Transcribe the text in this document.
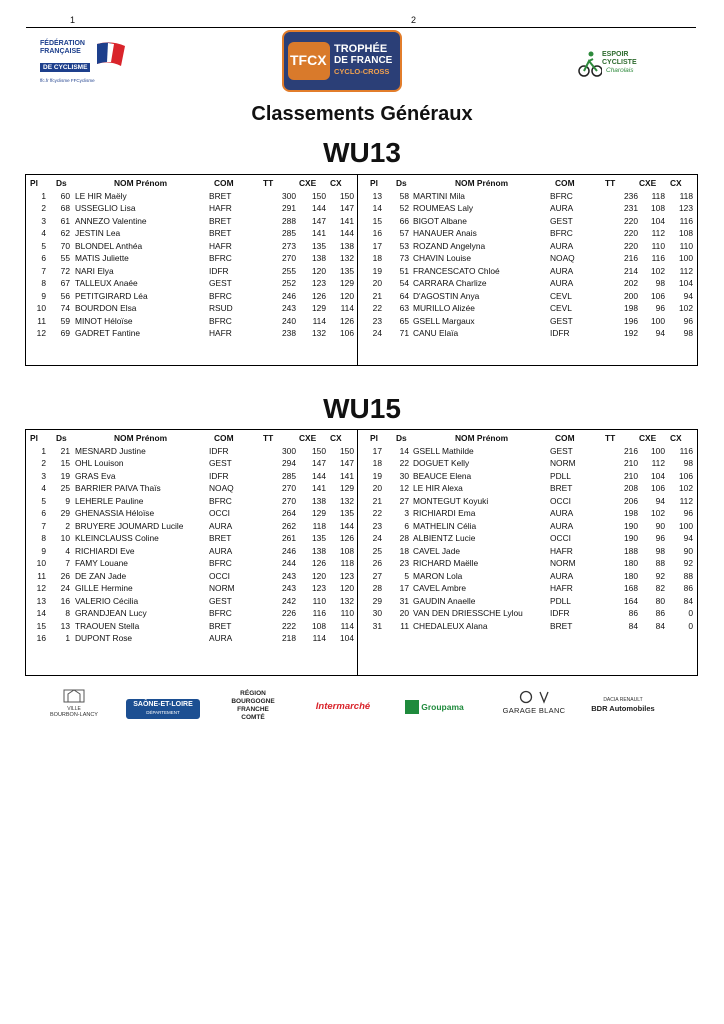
1	2
FÉDÉRATION
FRANÇAISE
DE CYCLISME
ffc.fr ffcyclisme FFCyclisme
TFCX
TROPHÉE
DE FRANCE
CYCLO-CROSS
ESPOIR
CYCLISTE
Charolais
Classements Généraux
WU13
WU15
Pl Ds	NOM Prénom	COM	TT	CXE CX
1	60 LE HIR Maëly	BRET	300	150	150
2	68 USSEGLIO Lisa	HAFR	291	144	147
3	61 ANNEZO Valentine	BRET	288	147	141
4	62 JESTIN Lea	BRET	285	141	144
5	70 BLONDEL Anthéa	HAFR	273	135	138
6	55 MATIS Juliette	BFRC	270	138	132
7	72 NARI Elya	IDFR	255	120	135
8	67 TALLEUX Anaée	GEST	252	123	129
9	56 PETITGIRARD Léa	BFRC	246	126	120
10	74 BOURDON Elsa	RSUD	243	129	114
11	59 MINOT Héloïse	BFRC	240	114	126
12	69 GADRET Fantine	HAFR	238	132	106
Pl Ds	NOM Prénom	COM	TT	CXE CX
13	58 MARTINI Mila	BFRC	236	118	118
14	52 ROUMEAS Laly	AURA	231	108	123
15	66 BIGOT Albane	GEST	220	104	116
16	57 HANAUER Anais	BFRC	220	112	108
17	53 ROZAND Angelyna	AURA	220	110	110
18	73 CHAVIN Louise	NOAQ	216	116	100
19	51 FRANCESCATO Chloé	AURA	214	102	112
20	54 CARRARA Charlize	AURA	202	98	104
21	64 D'AGOSTIN Anya	CEVL	200	106	94
22	63 MURILLO Alizée	CEVL	198	96	102
23	65 GSELL Margaux	GEST	196	100	96
24	71 CANU Elaïa	IDFR	192	94	98
Pl Ds	NOM Prénom	COM	TT	CXE CX
1	21 MESNARD Justine	IDFR	300	150	150
2	15 OHL Louison	GEST	294	147	147
3	19 GRAS Eva	IDFR	285	144	141
4	25 BARRIER PAIVA Thaïs	NOAQ	270	141	129
5	9 LEHERLE Pauline	BFRC	270	138	132
6	29 GHENASSIA Héloïse	OCCI	264	129	135
7	2 BRUYERE JOUMARD Lucile	AURA	262	118	144
8	10 KLEINCLAUSS Coline	BRET	261	135	126
9	4 RICHIARDI Eve	AURA	246	138	108
10	7 FAMY Louane	BFRC	244	126	118
11	26 DE ZAN Jade	OCCI	243	120	123
12	24 GILLE Hermine	NORM	243	123	120
13	16 VALERIO Cécilia	GEST	242	110	132
14	8 GRANDJEAN Lucy	BFRC	226	116	110
15	13 TRAOUEN Stella	BRET	222	108	114
16	1 DUPONT Rose	AURA	218	114	104
Pl Ds	NOM Prénom	COM	TT	CXE CX
17	14 GSELL Mathilde	GEST	216	100	116
18	22 DOGUET Kelly	NORM	210	112	98
19	30 BEAUCE Elena	PDLL	210	104	106
20	12 LE HIR Alexa	BRET	208	106	102
21	27 MONTEGUT Koyuki	OCCI	206	94	112
22	3 RICHIARDI Ema	AURA	198	102	96
23	6 MATHELIN Célia	AURA	190	90	100
24	28 ALBIENTZ Lucie	OCCI	190	96	94
25	18 CAVEL Jade	HAFR	188	98	90
26	23 RICHARD Maëlle	NORM	180	88	92
27	5 MARON Lola	AURA	180	92	88
28	17 CAVEL Ambre	HAFR	168	82	86
29	31 GAUDIN Anaelle	PDLL	164	80	84
30	20 VAN DEN DRIESSCHE Lylou	IDFR	86	86	0
31	11 CHEDALEUX Alana	BRET	84	84	0
VILLE
BOURBON-LANCY
SAÔNE-ET-LOIRE
DÉPARTEMENT
RÉGION
BOURGOGNE
FRANCHE
COMTÉ
Intermarché	Groupama	GARAGE BLANC
DACIA RENAULT
BDR Automobiles
